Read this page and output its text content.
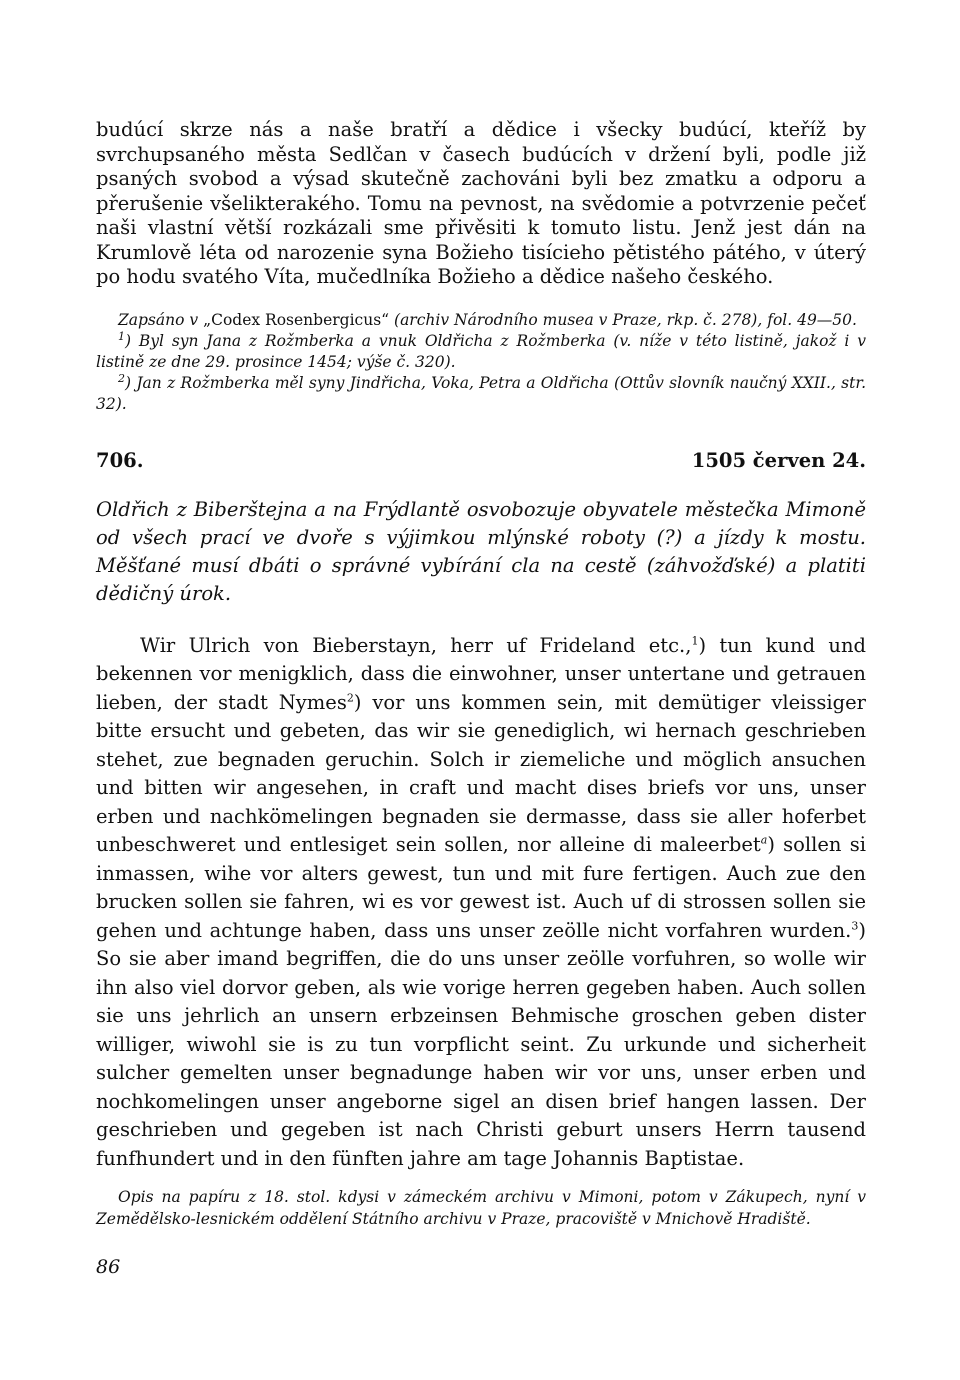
budúcí skrze nás a naše bratří a dědice i všecky budúcí, kteříž by svrchupsaného města Sedlčan v časech budúcích v držení byli, podle již psaných svobod a výsad skutečně zachováni byli bez zmatku a odporu a přerušenie všelikterakého. Tomu na pevnost, na svědomie a potvrzenie pečeť naši vlastní větší rozkázali sme přivěsiti k tomuto listu. Jenž jest dán na Krumlově léta od narozenie syna Božieho tisícieho pětistého pátého, v úterý po hodu svatého Víta, mučedlníka Božieho a dědice našeho českého.

Zapsáno v „Codex Rosenbergicus“ (archiv Národního musea v Praze, rkp. č. 278), fol. 49—50.

$^1$) Byl syn Jana z Rožmberka a vnuk Oldřicha z Rožmberka (v. níže v této listině, jakož i v listině ze dne 29. prosince 1454; výše č. 320).

$^2$) Jan z Rožmberka měl syny Jindřicha, Voka, Petra a Oldřicha (Ottův slovník naučný XXII., str. 32).

706.	1505 červen 24.

Oldřich z Biberštejna a na Frýdlantě osvobozuje obyvatele městečka Mimoně od všech prací ve dvoře s výjimkou mlýnské roboty (?) a jízdy k mostu. Měšťané musí dbáti o správné vybírání cla na cestě (záhvožďské) a platiti dědičný úrok.

Wir Ulrich von Bieberstayn, herr uf Frideland etc.,$^1$) tun kund und bekennen vor menigklich, dass die einwohner, unser untertane und getrauen lieben, der stadt Nymes$^2$) vor uns kommen sein, mit demütiger vleissiger bitte ersucht und gebeten, das wir sie genediglich, wi hernach geschrieben stehet, zue begnaden geruchin. Solch ir ziemeliche und möglich ansuchen und bitten wir angesehen, in craft und macht dises briefs vor uns, unser erben und nachkömelingen begnaden sie dermasse, dass sie aller hoferbet unbeschweret und entlesiget sein sollen, nor alleine di maleerbet$^a$) sollen si inmassen, wihe vor alters gewest, tun und mit fure fertigen. Auch zue den brucken sollen sie fahren, wi es vor gewest ist. Auch uf di strossen sollen sie gehen und achtunge haben, dass uns unser zeölle nicht vorfahren wurden.$^3$) So sie aber imand begriffen, die do uns unser zeölle vorfuhren, so wolle wir ihn also viel dorvor geben, als wie vorige herren gegeben haben. Auch sollen sie uns jehrlich an unsern erbzeinsen Behmische groschen geben dister williger, wiwohl sie is zu tun vorpflicht seint. Zu urkunde und sicherheit sulcher gemelten unser begnadunge haben wir vor uns, unser erben und nochkomelingen unser angeborne sigel an disen brief hangen lassen. Der geschrieben und gegeben ist nach Christi geburt unsers Herrn tausend funfhundert und in den fünften jahre am tage Johannis Baptistae.

Opis na papíru z 18. stol. kdysi v zámeckém archivu v Mimoni, potom v Zákupech, nyní v Zemědělsko-lesnickém oddělení Státního archivu v Praze, pracoviště v Mnichově Hradiště.

86
